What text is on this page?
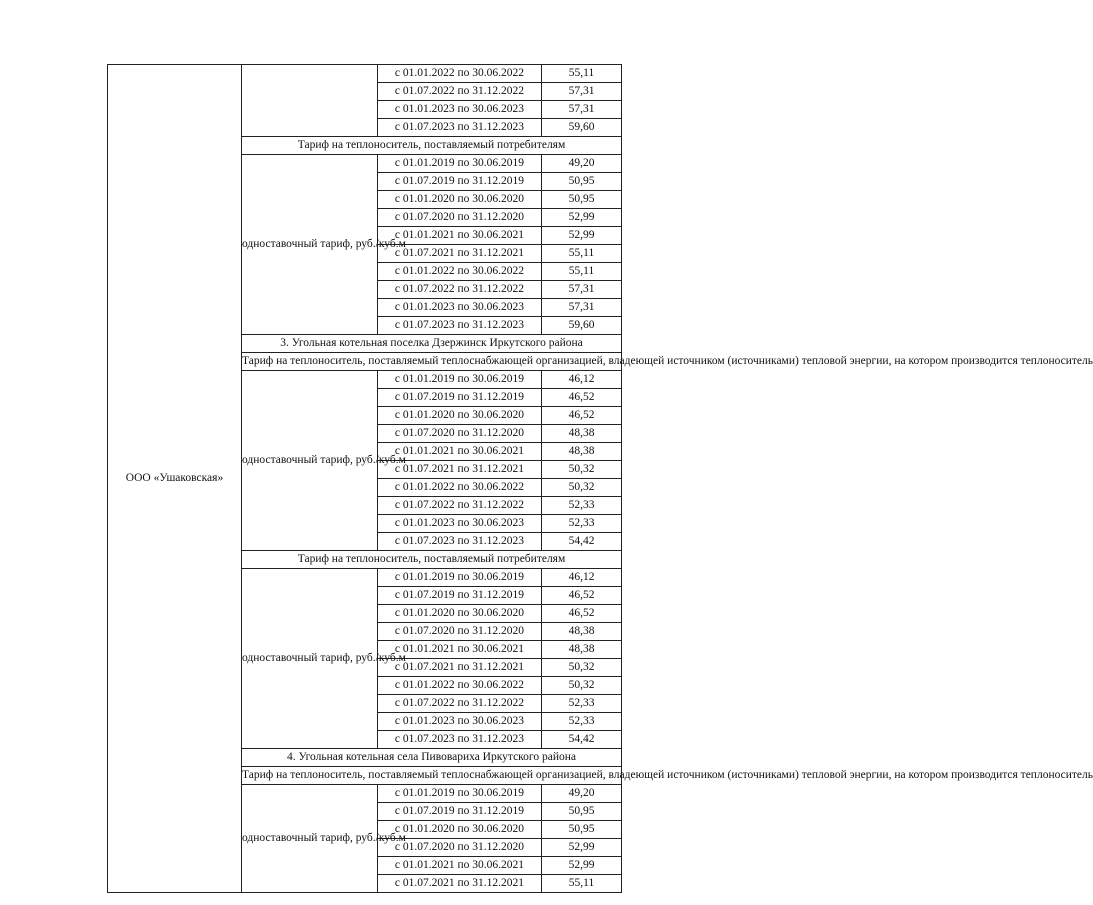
ООО «Ушаковская»		с 01.01.2022 по 30.06.2022	55,11
		с 01.07.2022 по 31.12.2022	57,31
		с 01.01.2023 по 30.06.2023	57,31
		с 01.07.2023 по 31.12.2023	59,60
	Тариф на теплоноситель, поставляемый потребителям		
	одноставочный тариф, руб./куб.м	с 01.01.2019 по 30.06.2019	49,20
		с 01.07.2019 по 31.12.2019	50,95
		с 01.01.2020 по 30.06.2020	50,95
		с 01.07.2020 по 31.12.2020	52,99
		с 01.01.2021 по 30.06.2021	52,99
		с 01.07.2021 по 31.12.2021	55,11
		с 01.01.2022 по 30.06.2022	55,11
		с 01.07.2022 по 31.12.2022	57,31
		с 01.01.2023 по 30.06.2023	57,31
		с 01.07.2023 по 31.12.2023	59,60
	3. Угольная котельная поселка Дзержинск Иркутского района		
	Тариф на теплоноситель, поставляемый теплоснабжающей организацией, владеющей источником (источниками) тепловой энергии, на котором производится теплоноситель		
	одноставочный тариф, руб./куб.м	с 01.01.2019 по 30.06.2019	46,12
		с 01.07.2019 по 31.12.2019	46,52
		с 01.01.2020 по 30.06.2020	46,52
		с 01.07.2020 по 31.12.2020	48,38
		с 01.01.2021 по 30.06.2021	48,38
		с 01.07.2021 по 31.12.2021	50,32
		с 01.01.2022 по 30.06.2022	50,32
		с 01.07.2022 по 31.12.2022	52,33
		с 01.01.2023 по 30.06.2023	52,33
		с 01.07.2023 по 31.12.2023	54,42
	Тариф на теплоноситель, поставляемый потребителям		
	одноставочный тариф, руб./куб.м	с 01.01.2019 по 30.06.2019	46,12
		с 01.07.2019 по 31.12.2019	46,52
		с 01.01.2020 по 30.06.2020	46,52
		с 01.07.2020 по 31.12.2020	48,38
		с 01.01.2021 по 30.06.2021	48,38
		с 01.07.2021 по 31.12.2021	50,32
		с 01.01.2022 по 30.06.2022	50,32
		с 01.07.2022 по 31.12.2022	52,33
		с 01.01.2023 по 30.06.2023	52,33
		с 01.07.2023 по 31.12.2023	54,42
	4. Угольная котельная села Пивовариха Иркутского района		
	Тариф на теплоноситель, поставляемый теплоснабжающей организацией, владеющей источником (источниками) тепловой энергии, на котором производится теплоноситель		
	одноставочный тариф, руб./куб.м	с 01.01.2019 по 30.06.2019	49,20
		с 01.07.2019 по 31.12.2019	50,95
		с 01.01.2020 по 30.06.2020	50,95
		с 01.07.2020 по 31.12.2020	52,99
		с 01.01.2021 по 30.06.2021	52,99
		с 01.07.2021 по 31.12.2021	55,11
